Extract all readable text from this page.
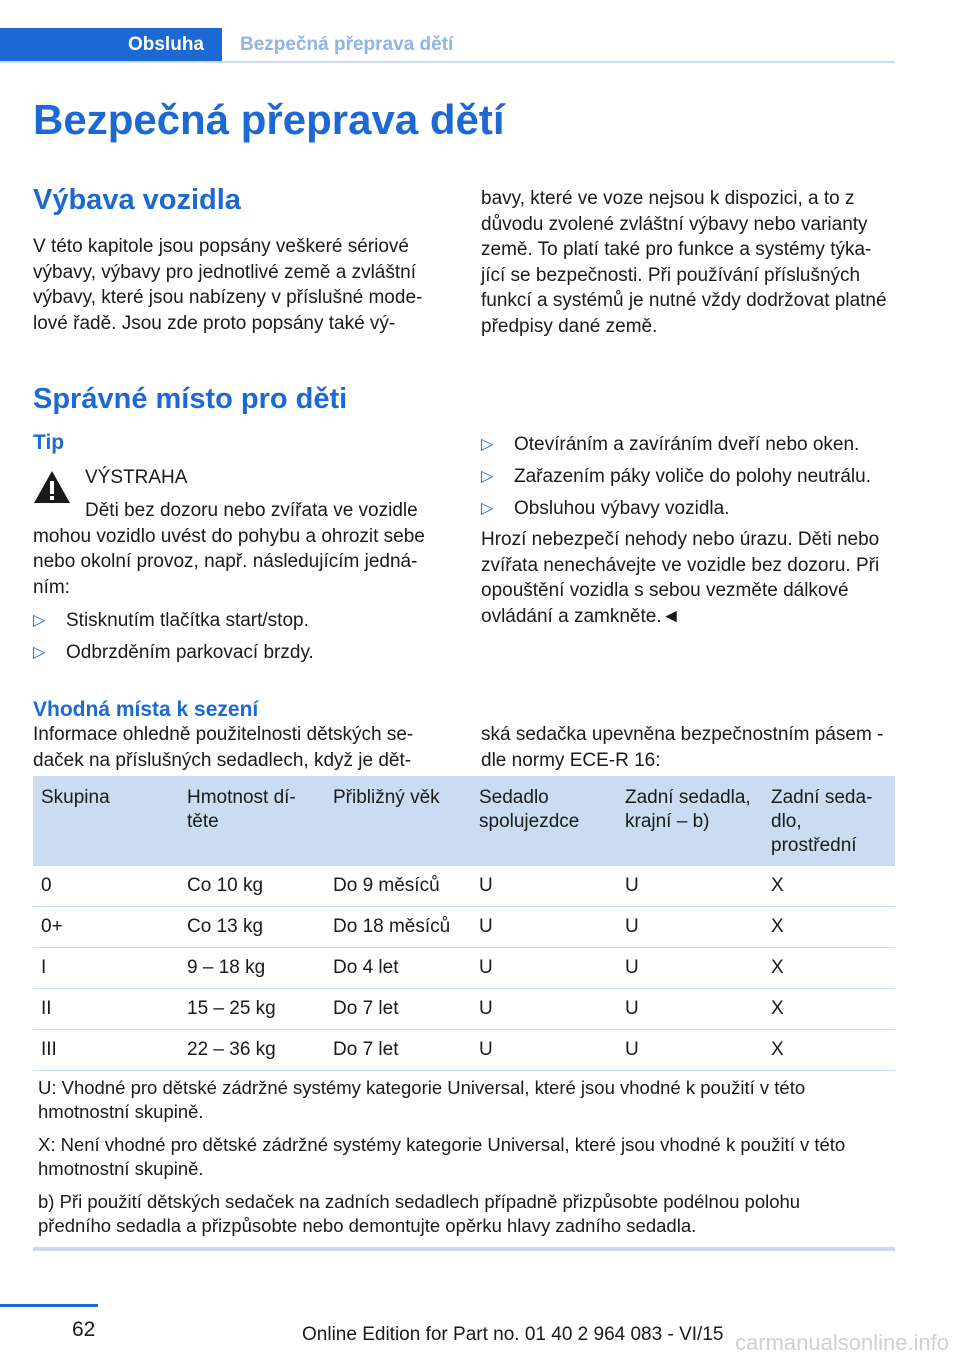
Obsluha	Bezpečná přeprava dětí
Bezpečná přeprava dětí
Výbava vozidla

V této kapitole jsou popsány veškeré sériové výbavy, výbavy pro jednotlivé země a zvláštní výbavy, které jsou nabízeny v příslušné mode‐lové řadě. Jsou zde proto popsány také vý‐

bavy, které ve voze nejsou k dispozici, a to z důvodu zvolené zvláštní výbavy nebo varianty země. To platí také pro funkce a systémy týka‐jící se bezpečnosti. Při používání příslušných funkcí a systémů je nutné vždy dodržovat platné předpisy dané země.

Správné místo pro děti
Tip
VÝSTRAHA

Děti bez dozoru nebo zvířata ve vozidle mohou vozidlo uvést do pohybu a ohrozit sebe nebo okolní provoz, např. následujícím jedná‐ním:

▷ Stisknutím tlačítka start/stop.
▷ Odbrzděním parkovací brzdy.
▷ Otevíráním a zavíráním dveří nebo oken.
▷ Zařazením páky voliče do polohy neutrálu.
▷ Obsluhou výbavy vozidla.

Hrozí nebezpečí nehody nebo úrazu. Děti nebo zvířata nenechávejte ve vozidle bez dozoru. Při opouštění vozidla s sebou vezměte dálkové ovládání a zamkněte.◄

Vhodná místa k sezení

Informace ohledně použitelnosti dětských se‐daček na příslušných sedadlech, když je dět‐

ská sedačka upevněna bezpečnostním pásem - dle normy ECE-R 16:

Skupina	Hmotnost dí‐těte	Přibližný věk	Sedadlo spolujezdce	Zadní sedadla, krajní – b)	Zadní seda‐dlo, prostřední
0	Co 10 kg	Do 9 měsíců	U	U	X
0+	Co 13 kg	Do 18 měsíců	U	U	X
I	9 – 18 kg	Do 4 let	U	U	X
II	15 – 25 kg	Do 7 let	U	U	X
III	22 – 36 kg	Do 7 let	U	U	X

U: Vhodné pro dětské zádržné systémy kategorie Universal, které jsou vhodné k použití v této hmotnostní skupině.

X: Není vhodné pro dětské zádržné systémy kategorie Universal, které jsou vhodné k použití v této hmotnostní skupině.

b) Při použití dětských sedaček na zadních sedadlech případně přizpůsobte podélnou polohu předního sedadla a přizpůsobte nebo demontujte opěrku hlavy zadního sedadla.

62	Online Edition for Part no. 01 40 2 964 083 - VI/15 carmanualsonline.info
